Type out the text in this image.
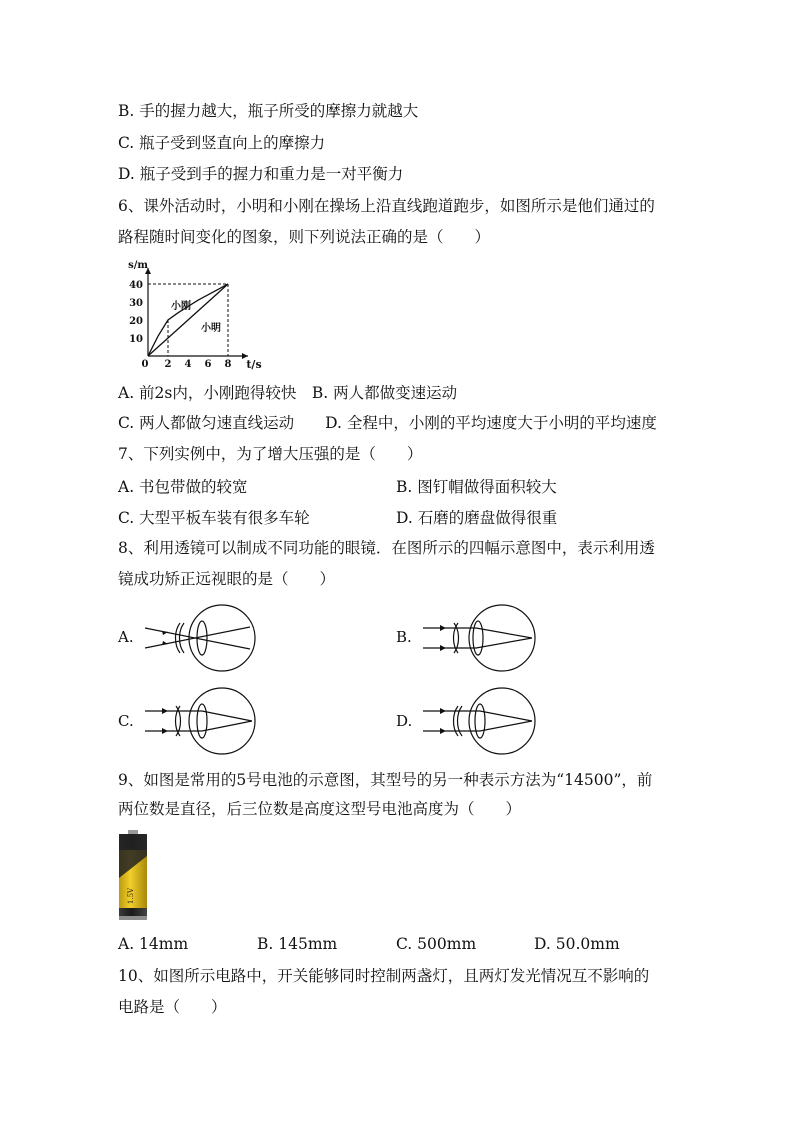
B. 手的握力越大，瓶子所受的摩擦力就越大
C. 瓶子受到竖直向上的摩擦力
D. 瓶子受到手的握力和重力是一对平衡力
6、课外活动时，小明和小刚在操场上沿直线跑道跑步，如图所示是他们通过的
路程随时间变化的图象，则下列说法正确的是（　　）
0 2 4 6 8
10
20
30
40
t/s
s/m
小刚
小明
A. 前2s内，小刚跑得较快　B. 两人都做变速运动
C. 两人都做匀速直线运动　　D. 全程中，小刚的平均速度大于小明的平均速度
7、下列实例中，为了增大压强的是（　　）
A. 书包带做的较宽	B. 图钉帽做得面积较大
C. 大型平板车装有很多车轮	D. 石磨的磨盘做得很重
8、利用透镜可以制成不同功能的眼镜．在图所示的四幅示意图中，表示利用透
镜成功矫正远视眼的是（　　）
A.	B.
C.	D.
9、如图是常用的5号电池的示意图，其型号的另一种表示方法为“14500”，前
两位数是直径，后三位数是高度这型号电池高度为（　　）
1.5V
A. 14mm	B. 145mm	C. 500mm	D. 50.0mm
10、如图所示电路中，开关能够同时控制两盏灯，且两灯发光情况互不影响的
电路是（　　）
